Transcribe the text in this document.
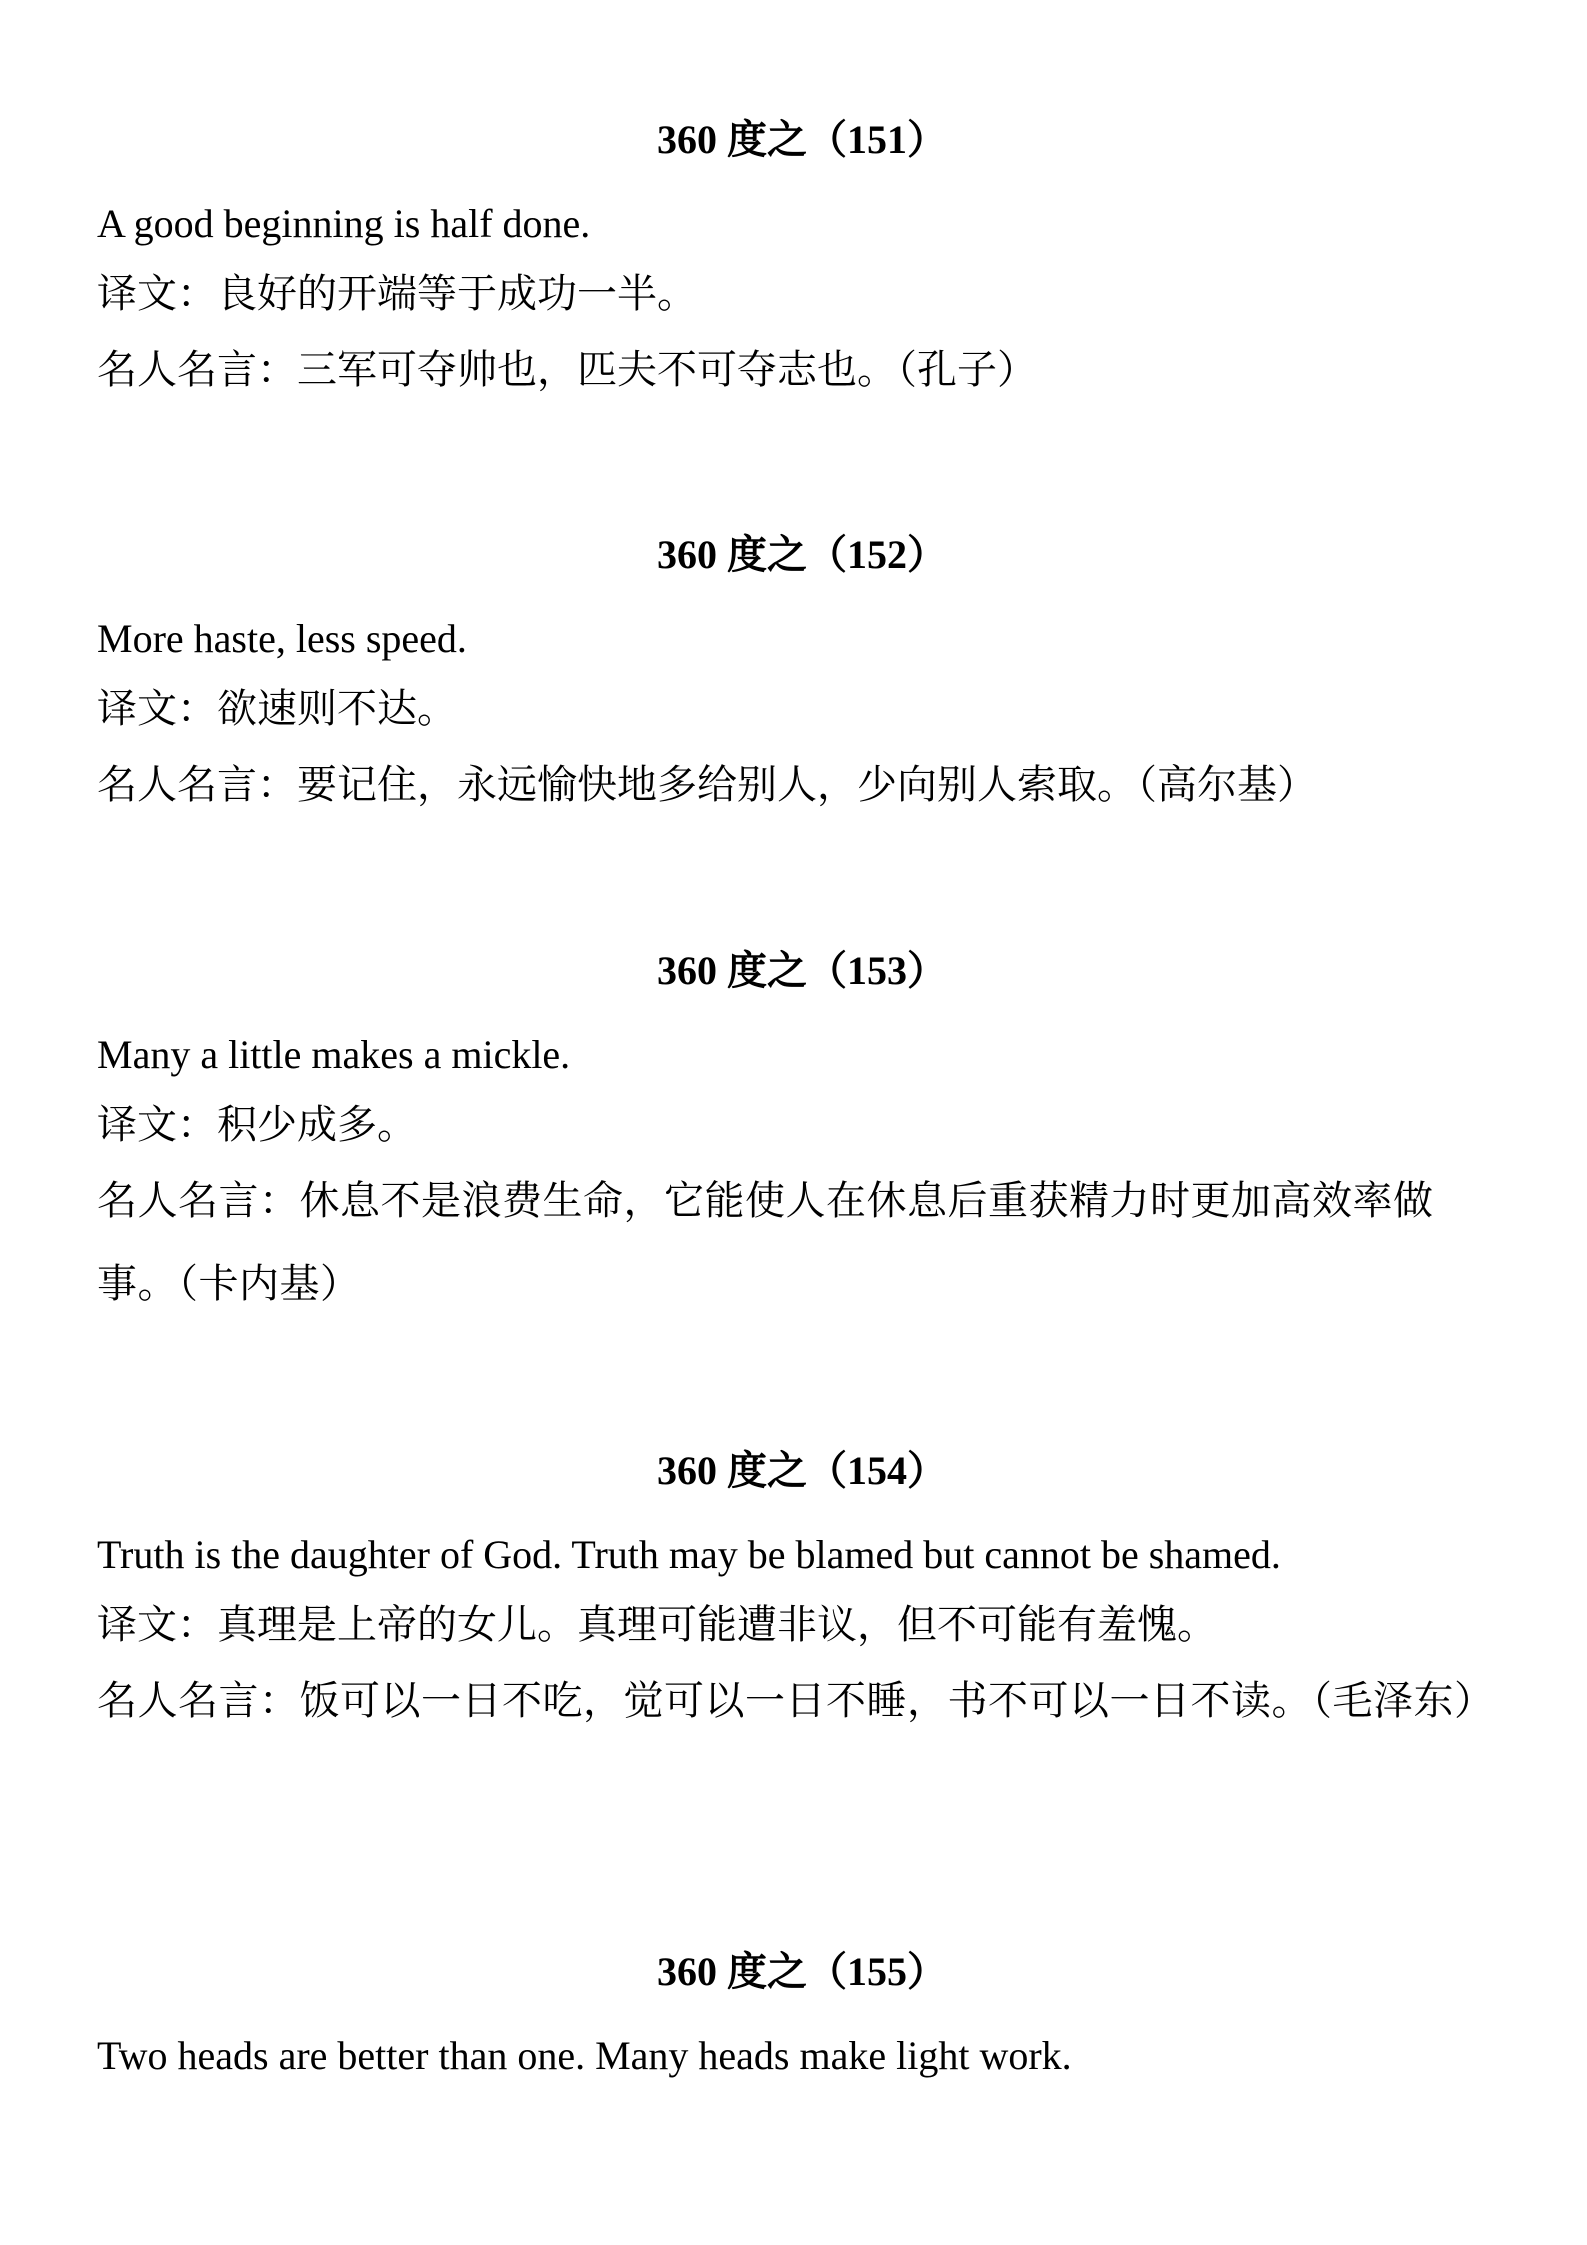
360 度之（151）

A good beginning is half done.

译文：良好的开端等于成功一半。

名人名言：三军可夺帅也，匹夫不可夺志也。（孔子）

360 度之（152）

More haste, less speed.

译文：欲速则不达。

名人名言：要记住，永远愉快地多给别人，少向别人索取。（高尔基）

360 度之（153）

Many a little makes a mickle.

译文：积少成多。

名人名言：休息不是浪费生命，它能使人在休息后重获精力时更加高效率做事。（卡内基）

360 度之（154）

Truth is the daughter of God. Truth may be blamed but cannot be shamed.

译文：真理是上帝的女儿。真理可能遭非议，但不可能有羞愧。

名人名言：饭可以一日不吃，觉可以一日不睡，书不可以一日不读。（毛泽东）

360 度之（155）

Two heads are better than one. Many heads make light work.
